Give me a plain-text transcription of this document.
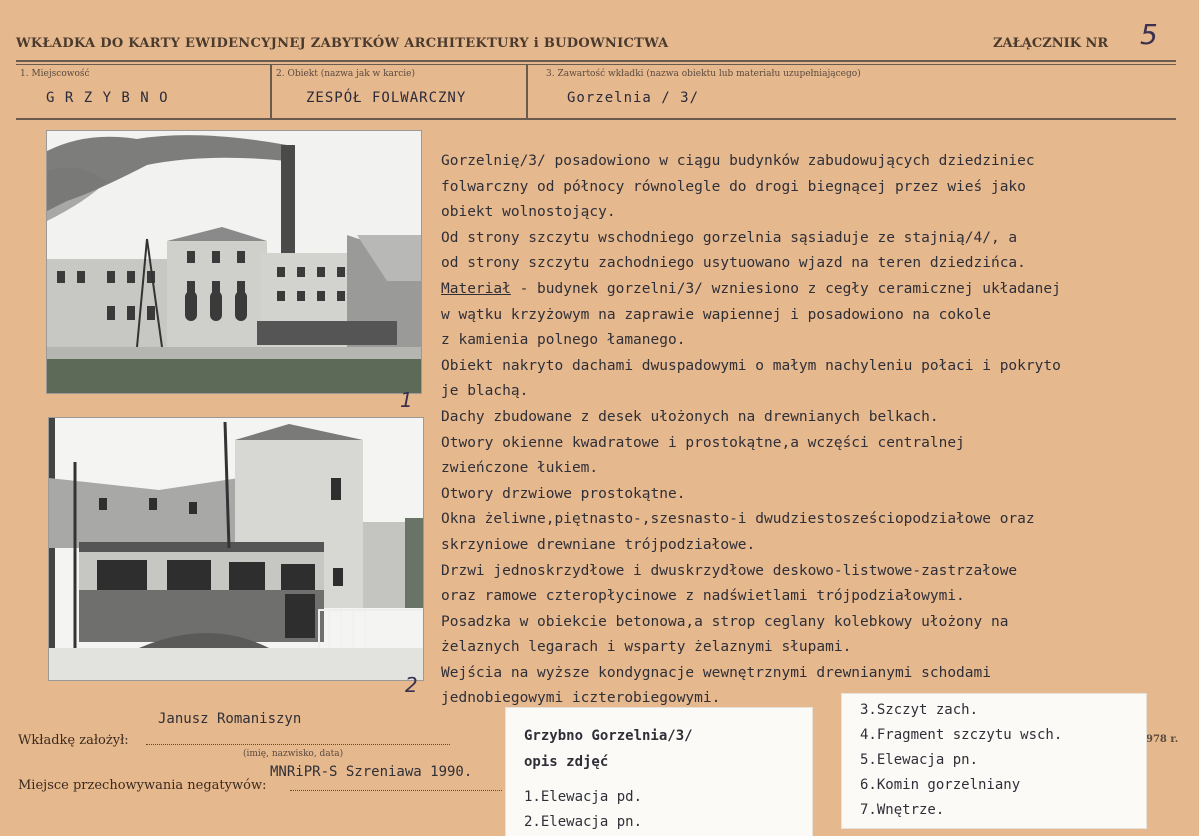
WKŁADKA DO KARTY EWIDENCYJNEJ ZABYTKÓW ARCHITEKTURY i BUDOWNICTWA	ZAŁĄCZNIK NR 5
1. Miejscowość
G R Z Y B N O
2. Obiekt (nazwa jak w karcie)
ZESPÓŁ FOLWARCZNY
3. Zawartość wkładki (nazwa obiektu lub materiału uzupełniającego)
Gorzelnia / 3/
1
2
Gorzelnię/3/ posadowiono w ciągu budynków zabudowujących dziedziniec
folwarczny od północy równolegle do drogi biegnącej przez wieś jako
obiekt wolnostojący.
Od strony szczytu wschodniego gorzelnia sąsiaduje ze stajnią/4/, a
od strony szczytu zachodniego usytuowano wjazd na teren dziedzińca.
Materiał - budynek gorzelni/3/ wzniesiono z cegły ceramicznej układanej
w wątku krzyżowym na zaprawie wapiennej i posadowiono na cokole
z kamienia polnego łamanego.
Obiekt nakryto dachami dwuspadowymi o małym nachyleniu połaci i pokryto
je blachą.
Dachy zbudowane z desek ułożonych na drewnianych belkach.
Otwory okienne kwadratowe i prostokątne,a wczęści centralnej
zwieńczone łukiem.
Otwory drzwiowe prostokątne.
Okna żeliwne,piętnasto-,szesnasto-i dwudziestosześciopodziałowe oraz
skrzyniowe drewniane trójpodziałowe.
Drzwi jednoskrzydłowe i dwuskrzydłowe deskowo-listwowe-zastrzałowe
oraz ramowe czteropłycinowe z nadświetlami trójpodziałowymi.
Posadzka w obiekcie betonowa,a strop ceglany kolebkowy ułożony na
żelaznych legarach i wsparty żelaznymi słupami.
Wejścia na wyższe kondygnacje wewnętrznymi drewnianymi schodami
jednobiegowymi iczterobiegowymi.
Janusz Romaniszyn
Wkładkę założył:
(imię, nazwisko, data)
MNRiPR-S Szreniawa 1990.
Miejsce przechowywania negatywów:
978 r.
Grzybno Gorzelnia/3/
opis zdjęć
1.Elewacja pd.
2.Elewacja pn.
3.Szczyt zach.
4.Fragment szczytu wsch.
5.Elewacja pn.
6.Komin gorzelniany
7.Wnętrze.
